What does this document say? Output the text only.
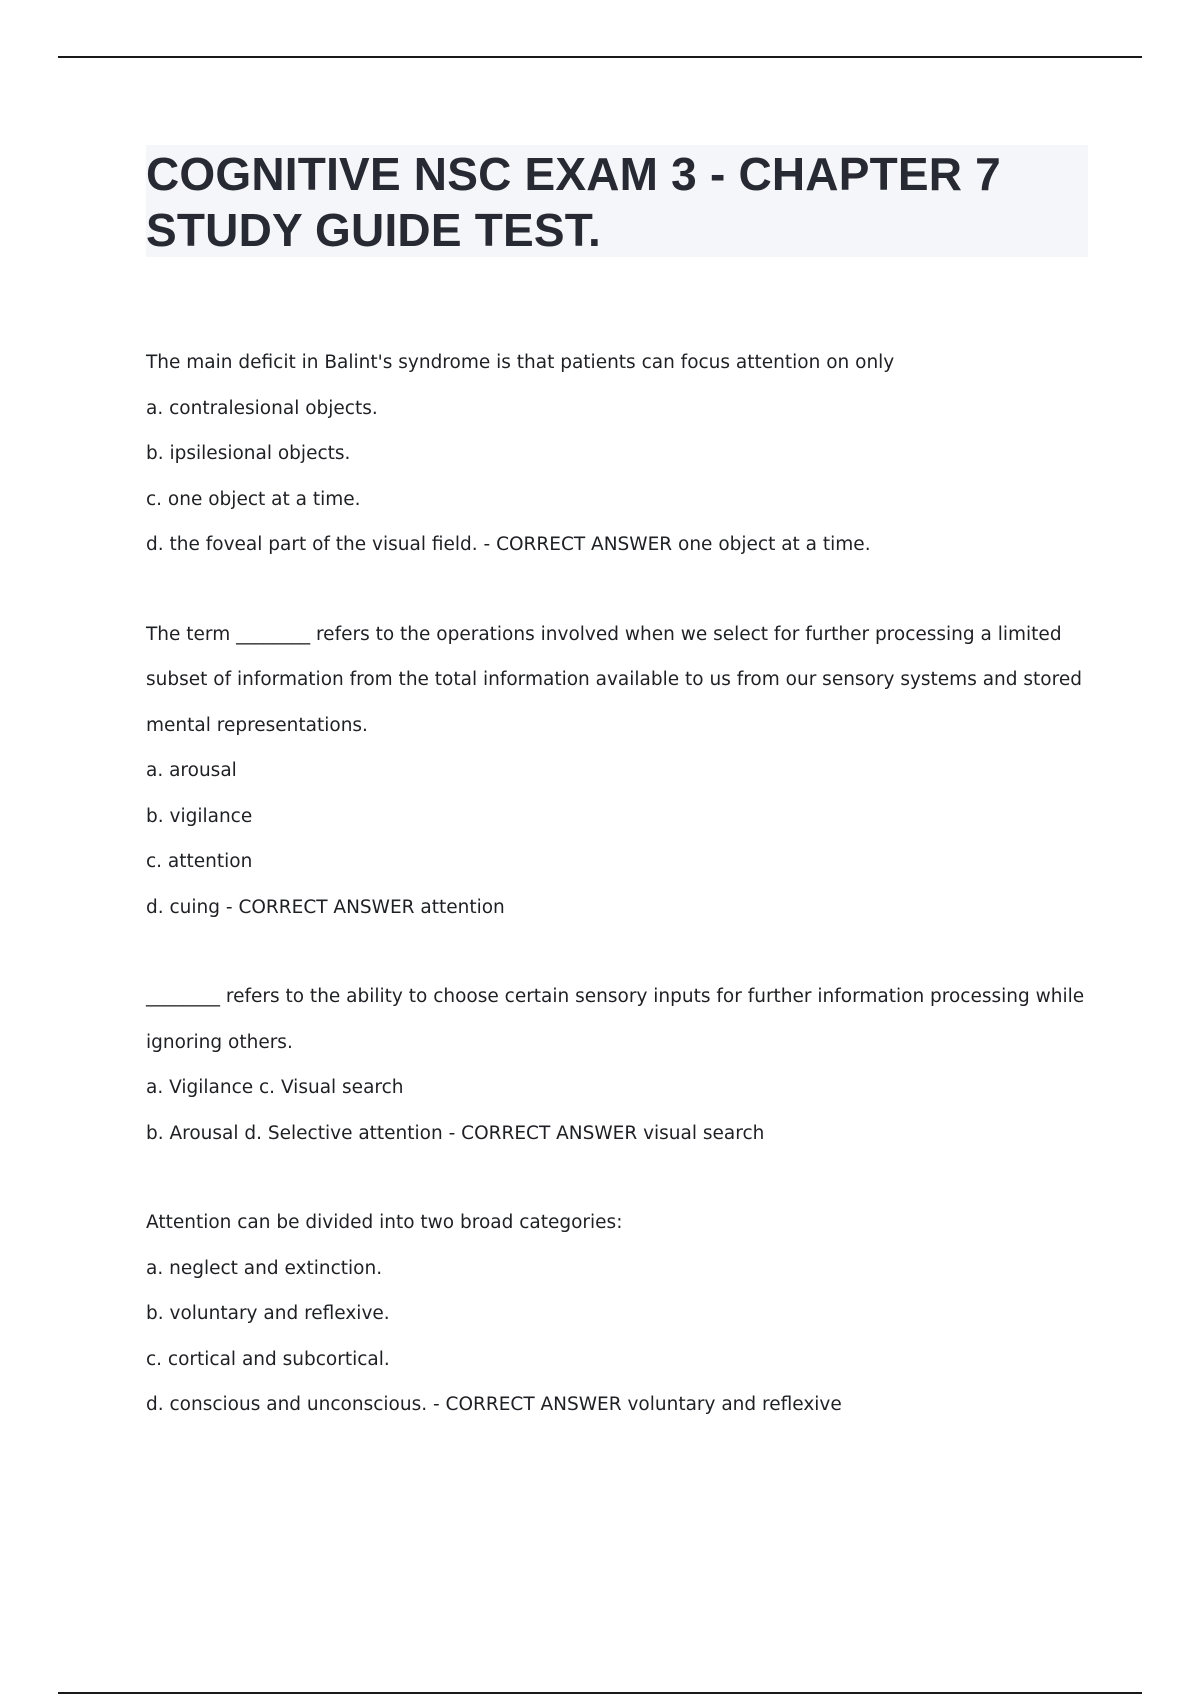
COGNITIVE NSC EXAM 3 - CHAPTER 7
STUDY GUIDE TEST.
The main deficit in Balint's syndrome is that patients can focus attention on only
a. contralesional objects.
b. ipsilesional objects.
c. one object at a time.
d. the foveal part of the visual field. - CORRECT ANSWER one object at a time.
The term ________ refers to the operations involved when we select for further processing a limited
subset of information from the total information available to us from our sensory systems and stored
mental representations.
a. arousal
b. vigilance
c. attention
d. cuing - CORRECT ANSWER attention
________ refers to the ability to choose certain sensory inputs for further information processing while
ignoring others.
a. Vigilance c. Visual search
b. Arousal d. Selective attention - CORRECT ANSWER visual search
Attention can be divided into two broad categories:
a. neglect and extinction.
b. voluntary and reflexive.
c. cortical and subcortical.
d. conscious and unconscious. - CORRECT ANSWER voluntary and reflexive
